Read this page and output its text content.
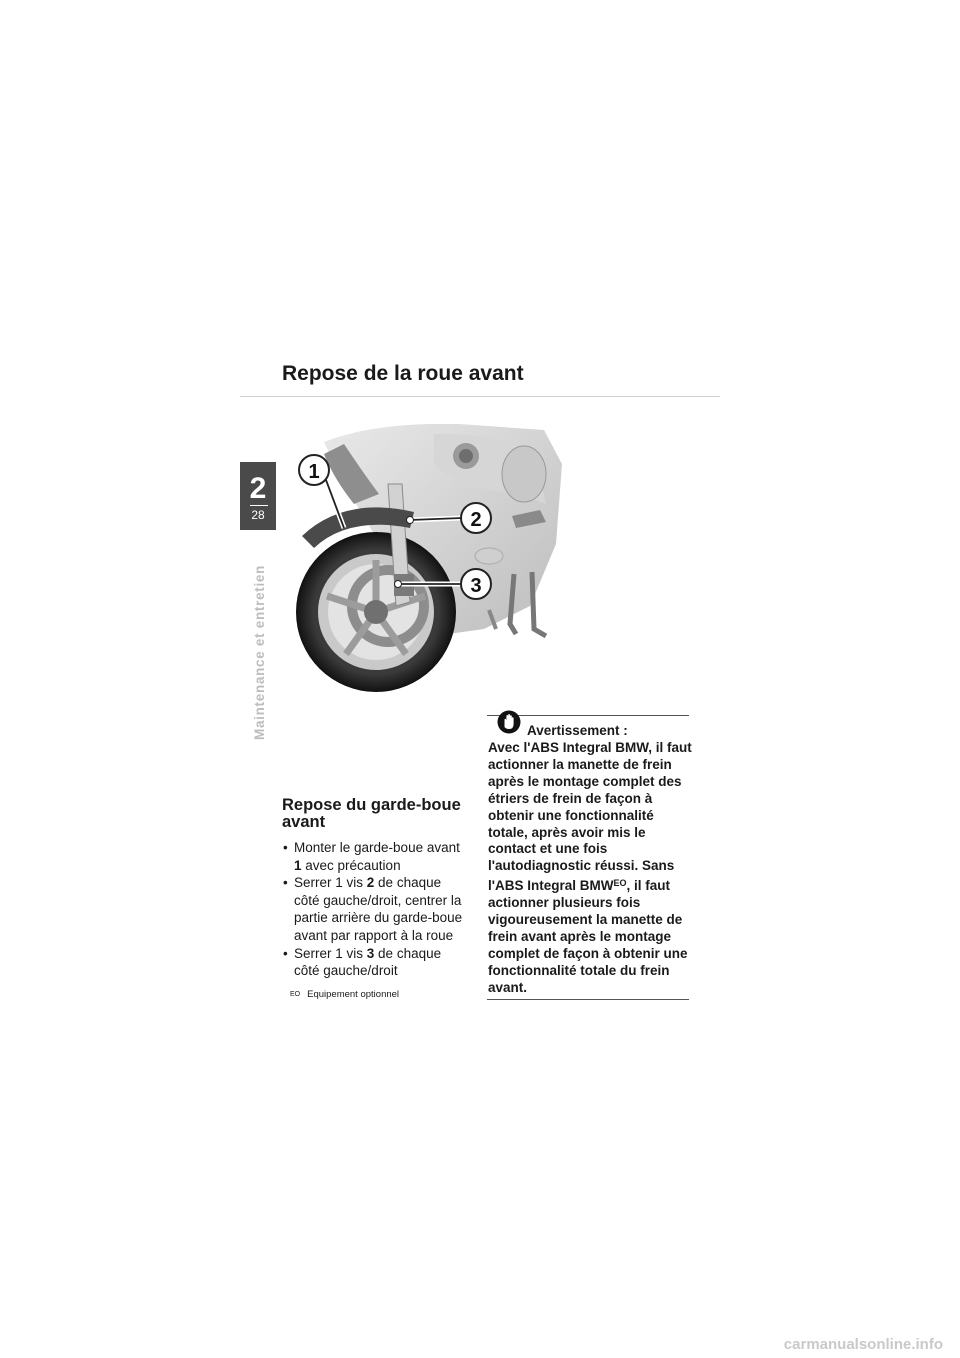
Repose de la roue avant
2
28
Maintenance et entretien
1
2
3
Repose du garde-boue avant
• Monter le garde-boue avant 1 avec précaution
• Serrer 1 vis 2 de chaque côté gauche/droit, centrer la partie arrière du garde-boue avant par rapport à la roue
• Serrer 1 vis 3 de chaque côté gauche/droit
EO Equipement optionnel
Avertissement :
Avec l'ABS Integral BMW, il faut actionner la manette de frein après le montage complet des étriers de frein de façon à obtenir une fonctionnalité totale, après avoir mis le contact et une fois l'autodiagnostic réussi. Sans l'ABS Integral $BMW^{EO}$, il faut actionner plusieurs fois vigoureusement la manette de frein avant après le montage complet de façon à obtenir une fonctionnalité totale du frein avant.
carmanualsonline.info
